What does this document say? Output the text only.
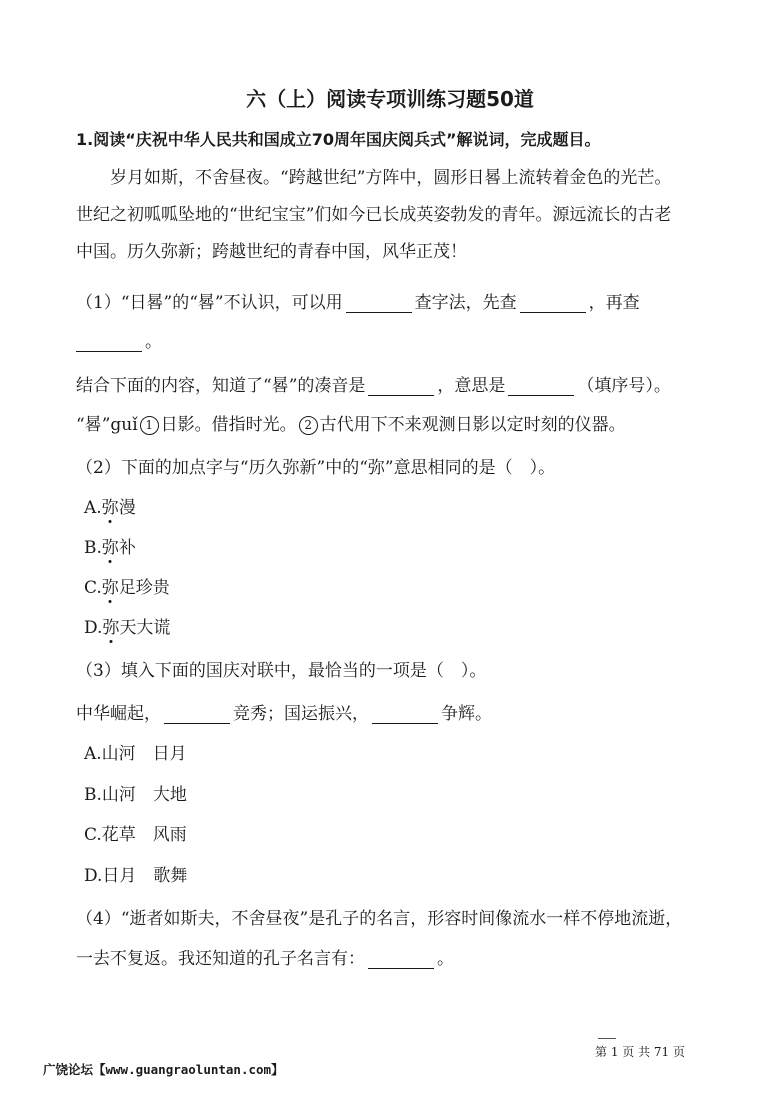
六（上）阅读专项训练习题50道
1.阅读“庆祝中华人民共和国成立70周年国庆阅兵式”解说词，完成题目。
岁月如斯，不舍昼夜。“跨越世纪”方阵中，圆形日晷上流转着金色的光芒。
世纪之初呱呱坠地的“世纪宝宝”们如今已长成英姿勃发的青年。源远流长的古老
中国。历久弥新；跨越世纪的青春中国，风华正茂！
（1）“日晷”的“晷”不认识，可以用	查字法，先查	，再查
。
结合下面的内容，知道了“晷”的凑音是	，意思是	（填序号）。
“晷”guǐ 1 日影。借指时光。 2 古代用下不来观测日影以定时刻的仪器。
（2）下面的加点字与“历久弥新”中的“弥”意思相同的是（　）。
A.弥漫
B.弥补
C.弥足珍贵
D.弥天大谎
（3）填入下面的国庆对联中，最恰当的一项是（　）。
中华崛起，	竞秀；国运振兴，	争辉。
A.山河　日月
B.山河　大地
C.花草　风雨
D.日月　歌舞
（4）“逝者如斯夫，不舍昼夜”是孔子的名言，形容时间像流水一样不停地流逝，
一去不复返。我还知道的孔子名言有：	。
第 1 页 共 71 页
广饶论坛【www.guangraoluntan.com】
